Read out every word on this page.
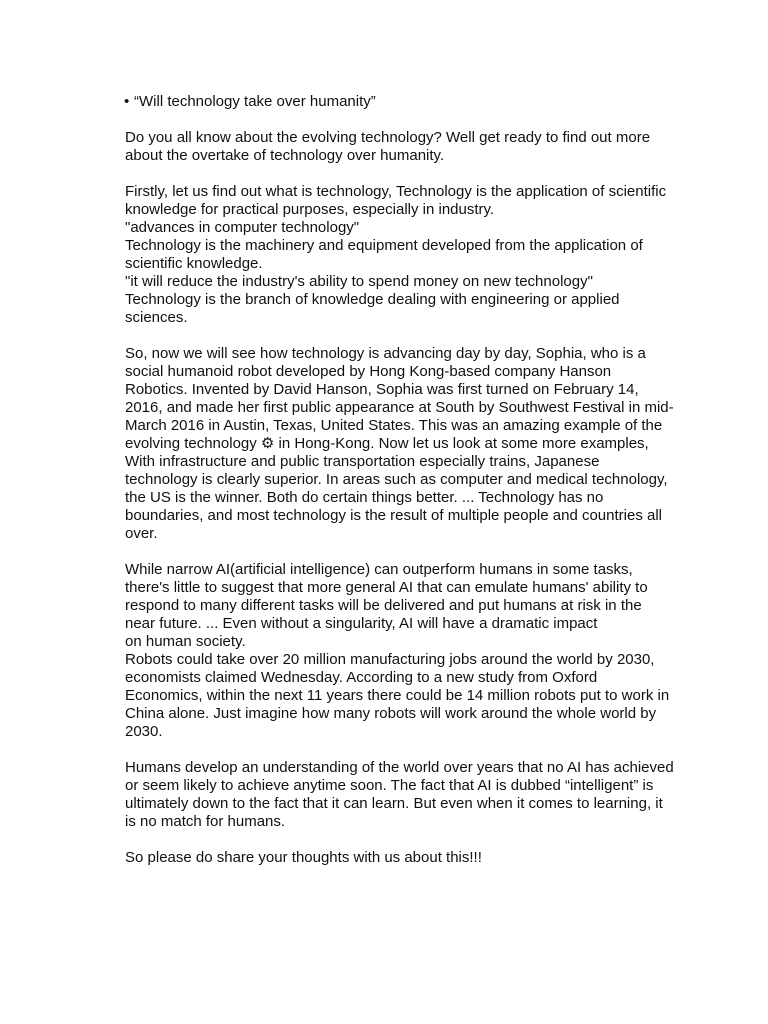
• “Will technology take over humanity”
Do you all know about the evolving technology? Well get ready to find out more
about the overtake of technology over humanity.
Firstly, let us find out what is technology, Technology is the application of scientific
knowledge for practical purposes, especially in industry.
"advances in computer technology"
Technology is the machinery and equipment developed from the application of
scientific knowledge.
"it will reduce the industry's ability to spend money on new technology"
Technology is the branch of knowledge dealing with engineering or applied
sciences.
So, now we will see how technology is advancing day by day, Sophia, who is a
social humanoid robot developed by Hong Kong-based company Hanson
Robotics. Invented by David Hanson, Sophia was first turned on February 14,
2016, and made her first public appearance at South by Southwest Festival in mid-
March 2016 in Austin, Texas, United States. This was an amazing example of the
evolving technology ⚙ in Hong-Kong. Now let us look at some more examples,
With infrastructure and public transportation especially trains, Japanese
technology is clearly superior. In areas such as computer and medical technology,
the US is the winner. Both do certain things better. ... Technology has no
boundaries, and most technology is the result of multiple people and countries all
over.
While narrow AI(artificial intelligence) can outperform humans in some tasks,
there's little to suggest that more general AI that can emulate humans' ability to
respond to many different tasks will be delivered and put humans at risk in the
near future. ... Even without a singularity, AI will have a dramatic impact
on human society.
Robots could take over 20 million manufacturing jobs around the world by 2030,
economists claimed Wednesday. According to a new study from Oxford
Economics, within the next 11 years there could be 14 million robots put to work in
China alone. Just imagine how many robots will work around the whole world by
2030.
Humans develop an understanding of the world over years that no AI has achieved
or seem likely to achieve anytime soon. The fact that AI is dubbed “intelligent” is
ultimately down to the fact that it can learn. But even when it comes to learning, it
is no match for humans.
So please do share your thoughts with us about this!!!
